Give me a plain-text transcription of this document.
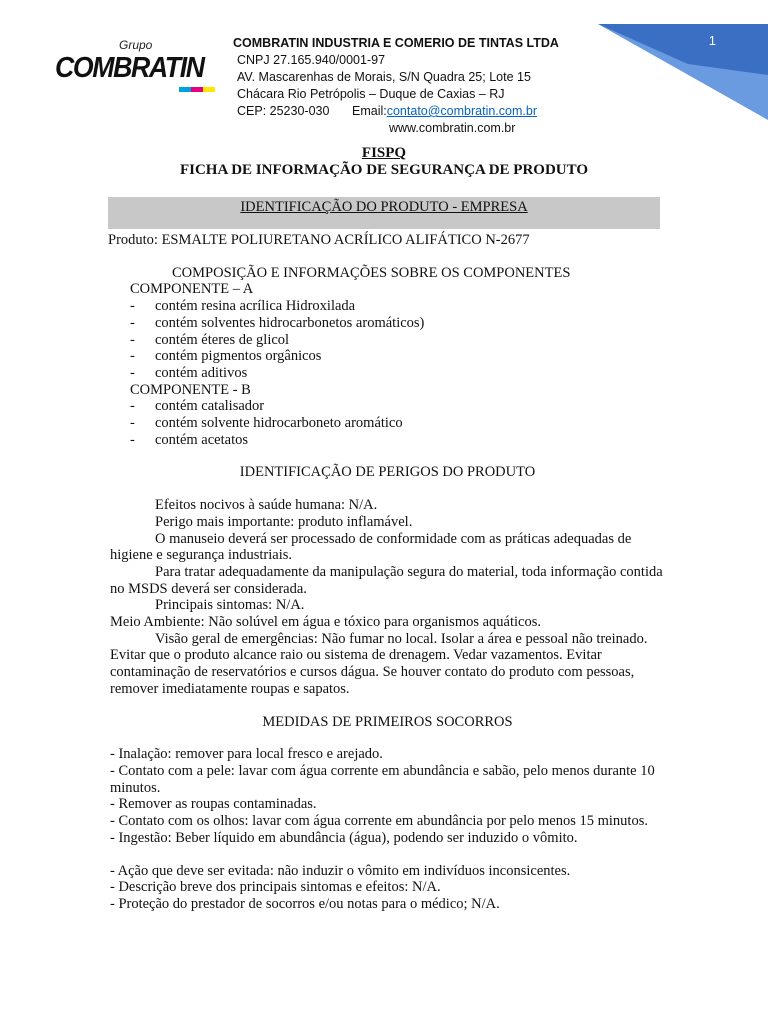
1
Grupo
COMBRATIN
COMBRATIN INDUSTRIA E COMERIO DE TINTAS LTDA
CNPJ 27.165.940/0001-97
AV. Mascarenhas de Morais, S/N Quadra 25; Lote 15
Chácara Rio Petrópolis – Duque de Caxias – RJ
CEP: 25230-030	Email: contato@combratin.com.br
www.combratin.com.br
FISPQ
FICHA DE INFORMAÇÃO DE SEGURANÇA DE PRODUTO
IDENTIFICAÇÃO DO PRODUTO - EMPRESA

Produto: ESMALTE POLIURETANO ACRÍLICO ALIFÁTICO N-2677

COMPOSIÇÃO E INFORMAÇÕES SOBRE OS COMPONENTES

COMPONENTE – A

-	contém resina acrílica Hidroxilada
-	contém solventes hidrocarbonetos aromáticos)
-	contém éteres de glicol
-	contém pigmentos orgânicos
-	contém aditivos

COMPONENTE - B

-	contém catalisador
-	contém solvente hidrocarboneto aromático
-	contém acetatos

IDENTIFICAÇÃO DE PERIGOS DO PRODUTO

Efeitos nocivos à saúde humana: N/A.

Perigo mais importante: produto inflamável.

O manuseio deverá ser processado de conformidade com as práticas adequadas de higiene e segurança industriais.

Para tratar adequadamente da manipulação segura do material, toda informação contida no MSDS deverá ser considerada.

Principais sintomas: N/A.

Meio Ambiente: Não solúvel em água e tóxico para organismos aquáticos.

Visão geral de emergências: Não fumar no local. Isolar a área e pessoal não treinado. Evitar que o produto alcance raio ou sistema de drenagem. Vedar vazamentos. Evitar contaminação de reservatórios e cursos dágua. Se houver contato do produto com pessoas, remover imediatamente roupas e sapatos.

MEDIDAS DE PRIMEIROS SOCORROS

- Inalação: remover para local fresco e arejado.

- Contato com a pele: lavar com água corrente em abundância e sabão, pelo menos durante 10 minutos.

- Remover as roupas contaminadas.

- Contato com os olhos: lavar com água corrente em abundância por pelo menos 15 minutos.

- Ingestão: Beber líquido em abundância (água), podendo ser induzido o vômito.

- Ação que deve ser evitada: não induzir o vômito em indivíduos inconsicentes.

- Descrição breve dos principais sintomas e efeitos: N/A.

- Proteção do prestador de socorros e/ou notas para o médico; N/A.
